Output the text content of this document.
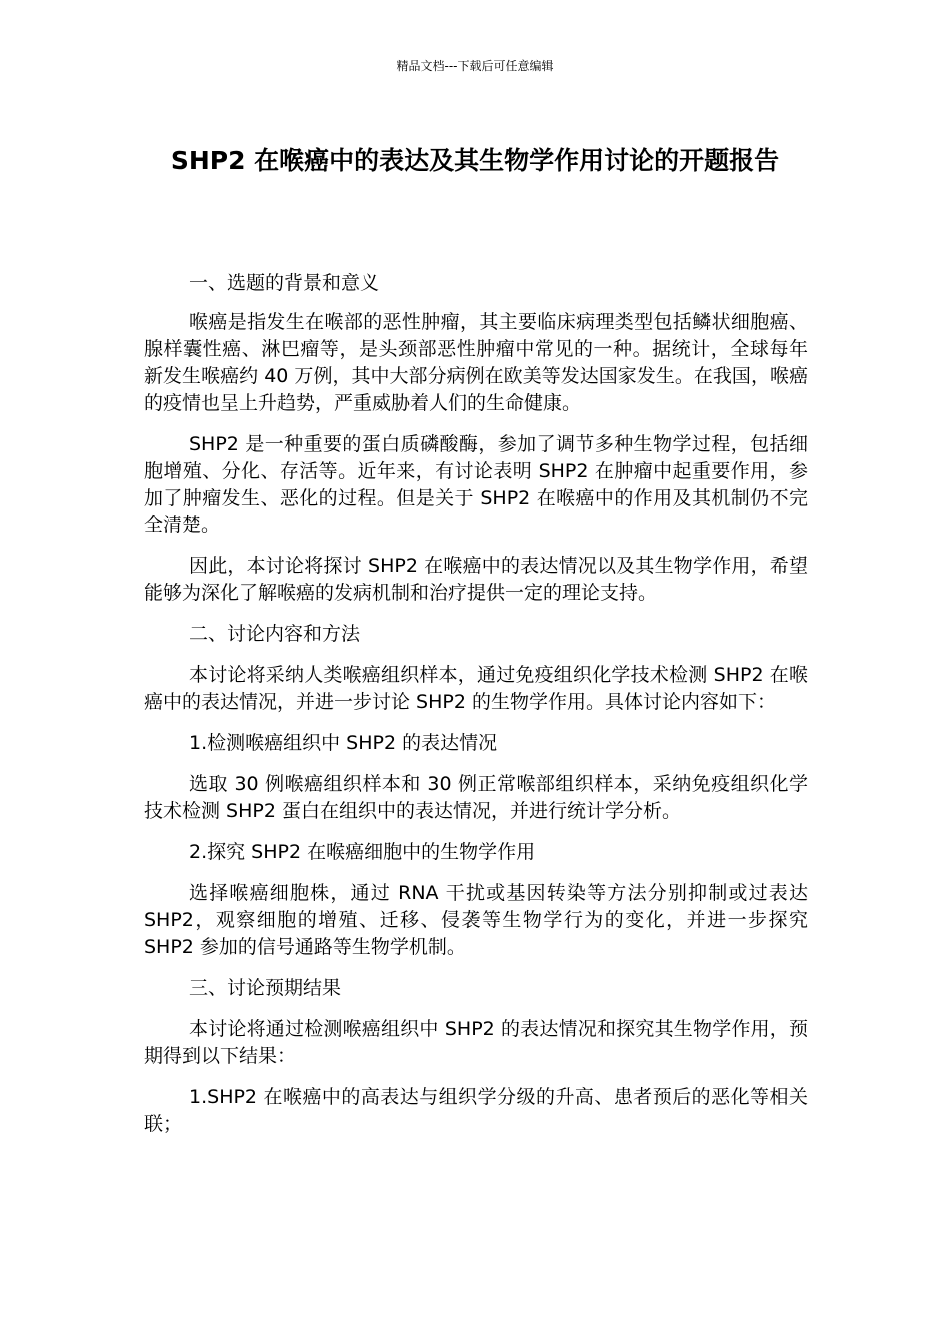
精品文档---下载后可任意编辑
SHP2 在喉癌中的表达及其生物学作用讨论的开题报告

一、选题的背景和意义

喉癌是指发生在喉部的恶性肿瘤，其主要临床病理类型包括鳞状细胞癌、腺样囊性癌、淋巴瘤等，是头颈部恶性肿瘤中常见的一种。据统计，全球每年新发生喉癌约 40 万例，其中大部分病例在欧美等发达国家发生。在我国，喉癌的疫情也呈上升趋势，严重威胁着人们的生命健康。

SHP2 是一种重要的蛋白质磷酸酶，参加了调节多种生物学过程，包括细胞增殖、分化、存活等。近年来，有讨论表明 SHP2 在肿瘤中起重要作用，参加了肿瘤发生、恶化的过程。但是关于 SHP2 在喉癌中的作用及其机制仍不完全清楚。

因此，本讨论将探讨 SHP2 在喉癌中的表达情况以及其生物学作用，希望能够为深化了解喉癌的发病机制和治疗提供一定的理论支持。

二、讨论内容和方法

本讨论将采纳人类喉癌组织样本，通过免疫组织化学技术检测 SHP2 在喉癌中的表达情况，并进一步讨论 SHP2 的生物学作用。具体讨论内容如下：

1.检测喉癌组织中 SHP2 的表达情况

选取 30 例喉癌组织样本和 30 例正常喉部组织样本，采纳免疫组织化学技术检测 SHP2 蛋白在组织中的表达情况，并进行统计学分析。

2.探究 SHP2 在喉癌细胞中的生物学作用

选择喉癌细胞株，通过 RNA 干扰或基因转染等方法分别抑制或过表达 SHP2，观察细胞的增殖、迁移、侵袭等生物学行为的变化，并进一步探究 SHP2 参加的信号通路等生物学机制。

三、讨论预期结果

本讨论将通过检测喉癌组织中 SHP2 的表达情况和探究其生物学作用，预期得到以下结果：

1.SHP2 在喉癌中的高表达与组织学分级的升高、患者预后的恶化等相关联；
